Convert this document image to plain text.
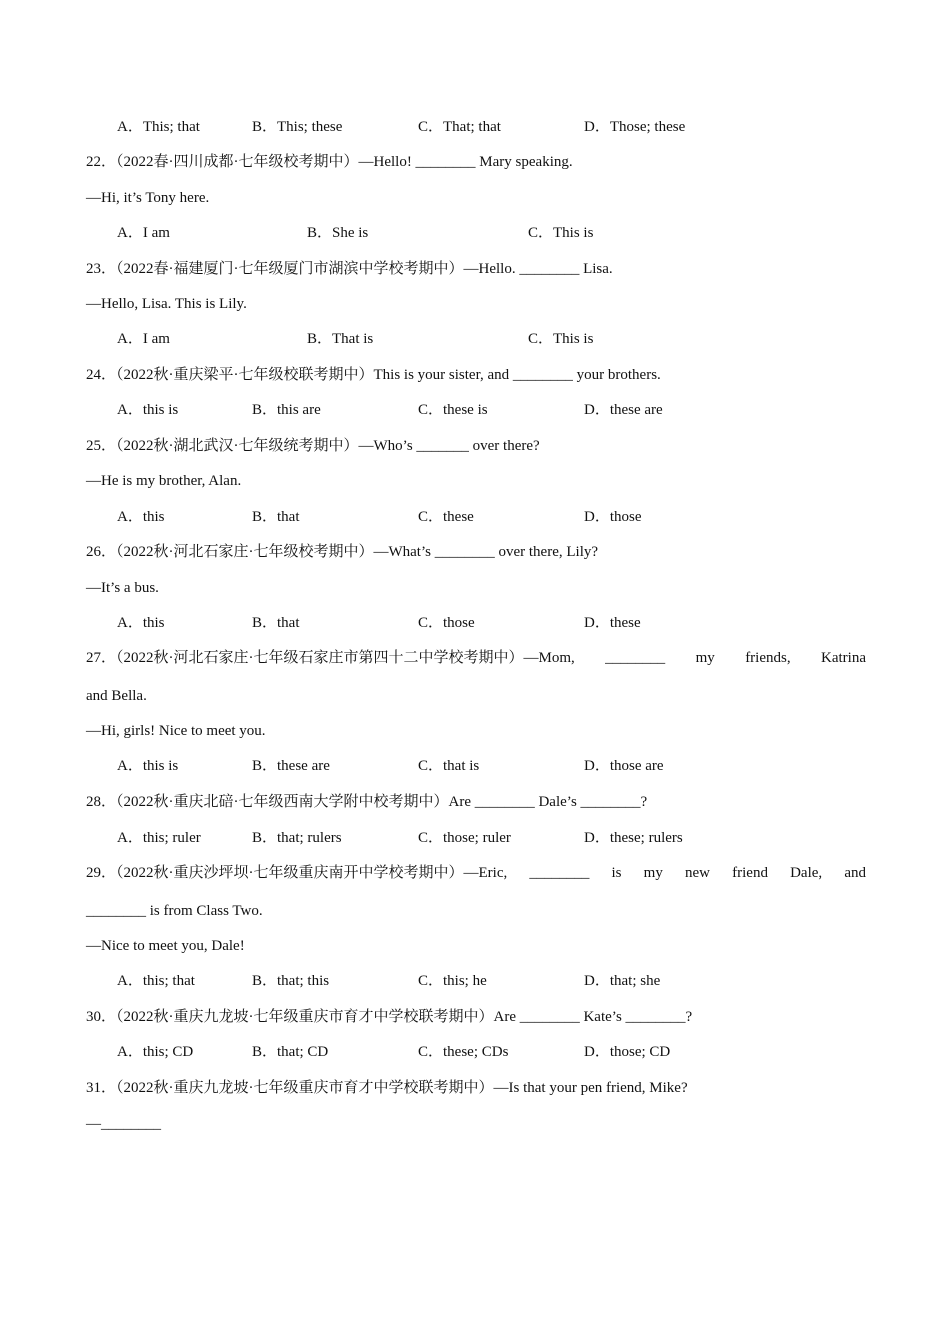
A．This; that	B．This; these	C．That; that	D．Those; these
22．（2022春·四川成都·七年级校考期中）—Hello! ________ Mary speaking.
—Hi, it’s Tony here.
A．I am	B．She is	C．This is
23．（2022春·福建厦门·七年级厦门市湖滨中学校考期中）—Hello. ________ Lisa.
—Hello, Lisa. This is Lily.
A．I am	B．That is	C．This is
24．（2022秋·重庆梁平·七年级校联考期中）This is your sister, and ________ your brothers.
A．this is	B．this are	C．these is	D．these are
25．（2022秋·湖北武汉·七年级统考期中）—Who’s _______ over there?
—He is my brother, Alan.
A．this	B．that	C．these	D．those
26．（2022秋·河北石家庄·七年级校考期中）—What’s ________ over there, Lily?
—It’s a bus.
A．this	B．that	C．those	D．these
27．（2022秋·河北石家庄·七年级石家庄市第四十二中学校考期中）—Mom, ________ my friends, Katrina
and Bella.
—Hi, girls! Nice to meet you.
A．this is	B．these are	C．that is	D．those are
28．（2022秋·重庆北碚·七年级西南大学附中校考期中）Are ________ Dale’s ________?
A．this; ruler	B．that; rulers	C．those; ruler	D．these; rulers
29．（2022秋·重庆沙坪坝·七年级重庆南开中学校考期中）—Eric, ________ is my new friend Dale, and
________ is from Class Two.
—Nice to meet you, Dale!
A．this; that	B．that; this	C．this; he	D．that; she
30．（2022秋·重庆九龙坡·七年级重庆市育才中学校联考期中）Are ________ Kate’s ________?
A．this; CD	B．that; CD	C．these; CDs	D．those; CD
31．（2022秋·重庆九龙坡·七年级重庆市育才中学校联考期中）—Is that your pen friend, Mike?
—________
